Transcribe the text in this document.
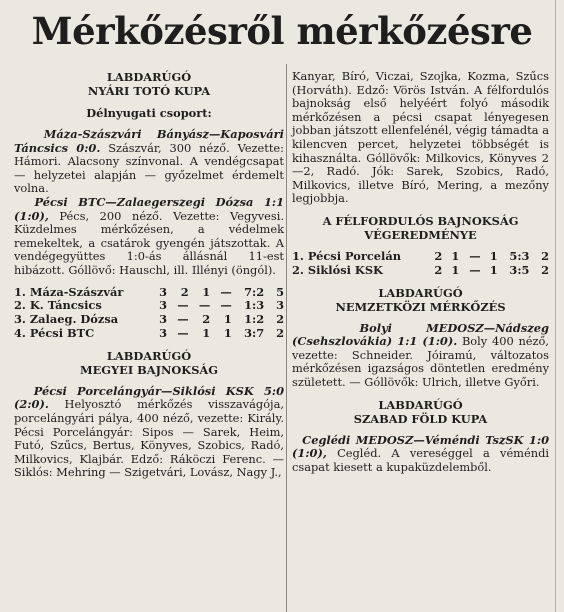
Mérkőzésről mérkőzésre
LABDARÚGÓ
NYÁRI TOTÓ KUPA
Délnyugati csoport:

Máza-Szászvári Bányász—Kaposvári Táncsics 0:0. Szászvár, 300 néző. Vezette: Hámori. Alacsony színvonal. A vendégcsapat — helyzetei alapján — győzelmet érdemelt volna.

Pécsi BTC—Zalaegerszegi Dózsa 1:1 (1:0), Pécs, 200 néző. Vezette: Vegyvesi. Küzdelmes mérkőzésen, a védelmek remekeltek, a csatárok gyengén játszottak. A vendégegyüttes 1:0-ás állásnál 11-est hibázott. Góllövő: Hauschl, ill. Illényi (öngól).

1. Máza-Szászvár	3	2	1	—	7:2	5
2. K. Táncsics	3	—	—	—	1:3	3
3. Zalaeg. Dózsa	3	—	2	1	1:2	2
4. Pécsi BTC	3	—	1	1	3:7	2
LABDARÚGÓ
MEGYEI BAJNOKSÁG

Pécsi Porcelángyár—Siklósi KSK 5:0 (2:0). Helyosztó mérkőzés visszavágója, porcelángyári pálya, 400 néző, vezette: Király. Pécsi Porcelángyár: Sipos — Sarek, Heim, Futó, Szűcs, Bertus, Könyves, Szobics, Radó, Milkovics, Klajbár. Edző: Ráköczi Ferenc. — Siklós: Mehring — Szigetvári, Lovász, Nagy J.,

Kanyar, Bíró, Viczai, Szojka, Kozma, Szűcs (Horváth). Edző: Vörös István. A félfordulós bajnokság első helyéért folyó második mérkőzésen a pécsi csapat lényegesen jobban játszott ellenfelénél, végig támadta a kilencven percet, helyzetei többségét is kihasználta. Góllövők: Milkovics, Könyves 2—2, Radó. Jók: Sarek, Szobics, Radó, Milkovics, illetve Bíró, Mering, a mezőny legjobbja.

A FÉLFORDULÓS BAJNOKSÁG
VÉGEREDMÉNYE
1. Pécsi Porcelán	2	1	—	1	5:3	2
2. Siklósi KSK	2	1	—	1	3:5	2
LABDARÚGÓ
NEMZETKÖZI MÉRKŐZÉS

Bolyi MEDOSZ—Nádszeg (Csehszlovákia) 1:1 (1:0). Boly 400 néző, vezette: Schneider. Jóiramú, változatos mérkőzésen igazságos döntetlen eredmény született. — Góllövők: Ulrich, illetve Győri.

LABDARÚGÓ
SZABAD FÖLD KUPA

Ceglédi MEDOSZ—Véméndi TszSK 1:0 (1:0), Cegléd. A vereséggel a véméndi csapat kiesett a kupaküzdelemből.
